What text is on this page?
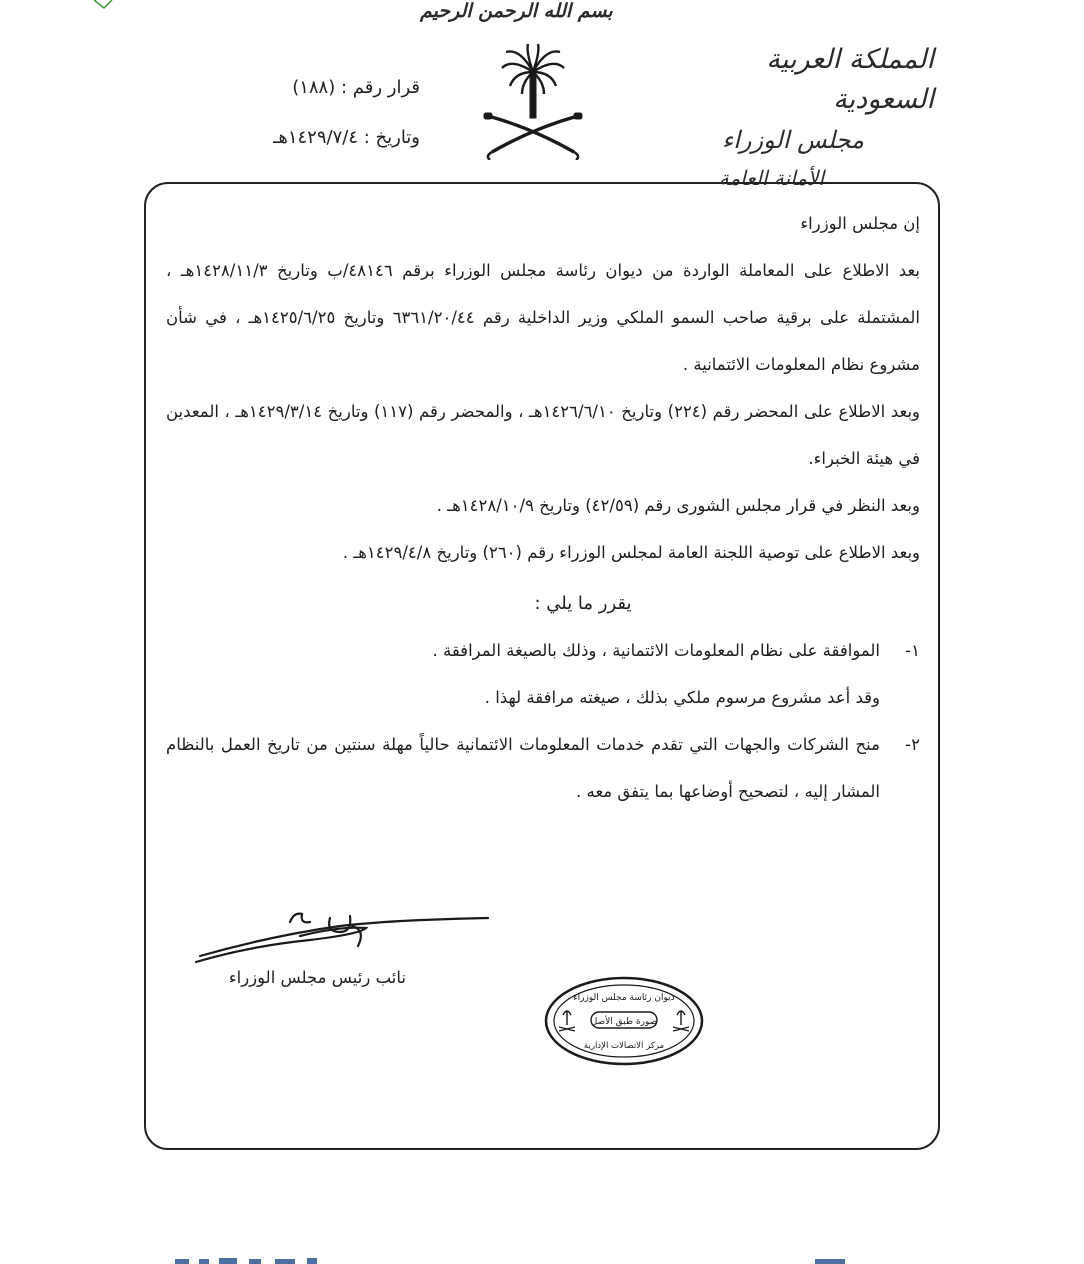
بسم الله الرحمن الرحيم
المملكة العربية السعودية
مجلس الوزراء
الأمانة العامة
قرار رقم : (١٨٨)
وتاريخ : ١٤٢٩/٧/٤هـ

إن مجلس الوزراء

بعد الاطلاع على المعاملة الواردة من ديوان رئاسة مجلس الوزراء برقم ٤٨١٤٦/ب وتاريخ ١٤٢٨/١١/٣هـ ، المشتملة على برقية صاحب السمو الملكي وزير الداخلية رقم ٦٣٦١/٢٠/٤٤ وتاريخ ١٤٢٥/٦/٢٥هـ ، في شأن مشروع نظام المعلومات الائتمانية .

وبعد الاطلاع على المحضر رقم (٢٢٤) وتاريخ ١٤٢٦/٦/١٠هـ ، والمحضر رقم (١١٧) وتاريخ ١٤٢٩/٣/١٤هـ ، المعدين في هيئة الخبراء.

وبعد النظر في قرار مجلس الشورى رقم (٤٢/٥٩) وتاريخ ١٤٢٨/١٠/٩هـ .

وبعد الاطلاع على توصية اللجنة العامة لمجلس الوزراء رقم (٢٦٠) وتاريخ ١٤٢٩/٤/٨هـ .

يقرر ما يلي :

١-
الموافقة على نظام المعلومات الائتمانية ، وذلك بالصيغة المرافقة .
وقد أعد مشروع مرسوم ملكي بذلك ، صيغته مرافقة لهذا .
٢-
منح الشركات والجهات التي تقدم خدمات المعلومات الائتمانية حالياً مهلة سنتين من تاريخ العمل بالنظام المشار إليه ، لتصحيح أوضاعها بما يتفق معه .
نائب رئيس مجلس الوزراء
ديوان رئاسة مجلس الوزراء
صورة طبق الأصل
مركز الاتصالات الإدارية
